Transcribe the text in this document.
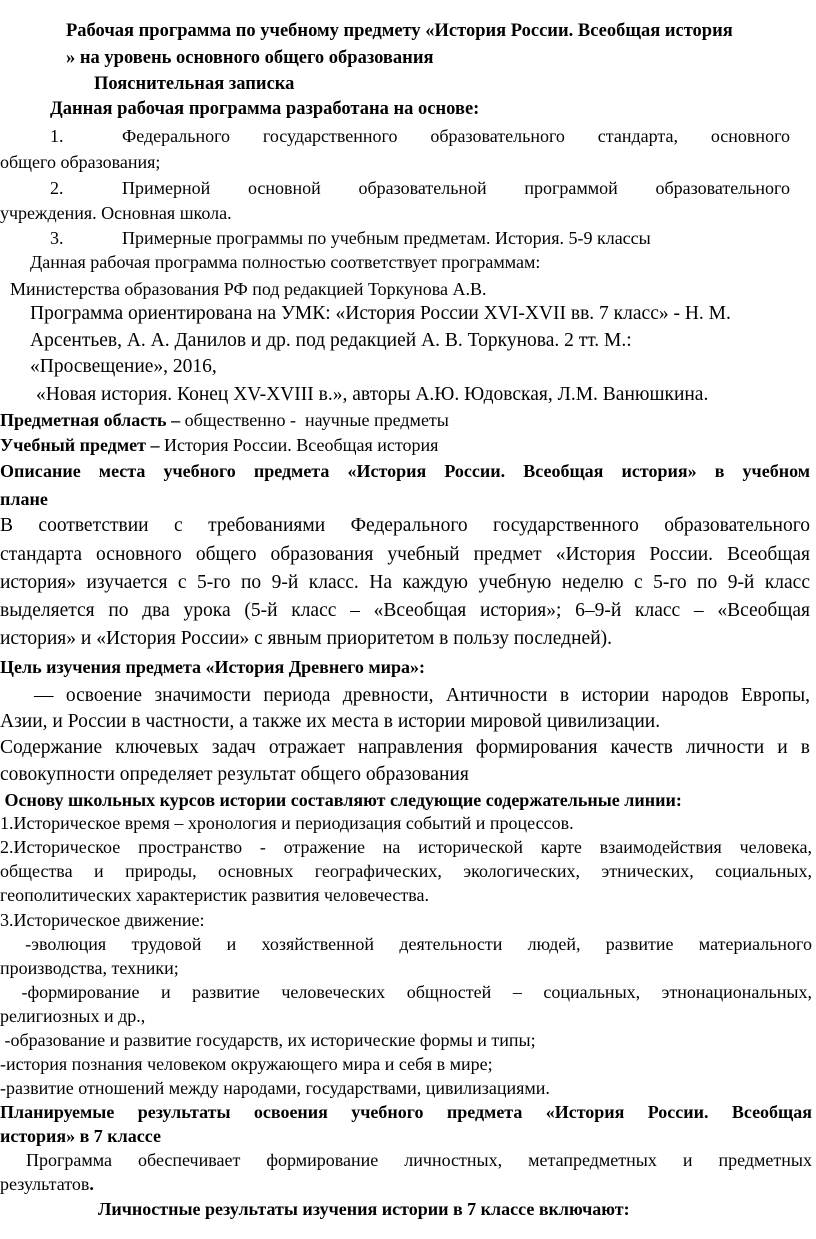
Рабочая программа по учебному предмету «История России. Всеобщая история
» на уровень основного общего образования
Пояснительная записка
Данная рабочая программа разработана на основе:
1.	Федерального государственного образовательного стандарта, основного
общего образования;
2.	Примерной основной образовательной программой образовательного
учреждения. Основная школа.
3.	Примерные программы по учебным предметам. История. 5-9 классы
Данная рабочая программа полностью соответствует программам:
Министерства образования РФ под редакцией Торкунова А.В.
Программа ориентирована на УМК: «История России XVI-XVII вв. 7 класс» - Н. М.
Арсентьев, А. А. Данилов и др. под редакцией А. В. Торкунова. 2 тт. М.:
«Просвещение», 2016,
«Новая история. Конец XV-XVIII в.», авторы А.Ю. Юдовская, Л.М. Ванюшкина.
Предметная область – общественно -  научные предметы
Учебный предмет – История России. Всеобщая история
Описание места учебного предмета «История России. Всеобщая история» в учебном
плане
В соответствии с требованиями Федерального государственного образовательного
стандарта основного общего образования учебный предмет «История России. Всеобщая
история» изучается с 5-го по 9-й класс. На каждую учебную неделю с 5-го по 9-й класс
выделяется по два урока (5-й класс – «Всеобщая история»; 6–9-й класс – «Всеобщая
история» и «История России» с явным приоритетом в пользу последней).
Цель изучения предмета «История Древнего мира»:
— освоение значимости периода древности, Античности в истории народов Европы,
Азии, и России в частности, а также их места в истории мировой цивилизации.
Содержание ключевых задач отражает направления формирования качеств личности и в
совокупности определяет результат общего образования
Основу школьных курсов истории составляют следующие содержательные линии:
1.Историческое время – хронология и периодизация событий и процессов.
2.Историческое пространство - отражение на исторической карте взаимодействия человека,
общества и природы, основных географических, экологических, этнических, социальных,
геополитических характеристик развития человечества.
3.Историческое движение:
-эволюция трудовой и хозяйственной деятельности людей, развитие материального
производства, техники;
-формирование и развитие человеческих общностей – социальных, этнонациональных,
религиозных и др.,
-образование и развитие государств, их исторические формы и типы;
-история познания человеком окружающего мира и себя в мире;
-развитие отношений между народами, государствами, цивилизациями.
Планируемые результаты освоения учебного предмета «История России. Всеобщая
история» в 7 классе
Программа обеспечивает формирование личностных, метапредметных и предметных
результатов .
Личностные результаты изучения истории в 7 классе включают:
